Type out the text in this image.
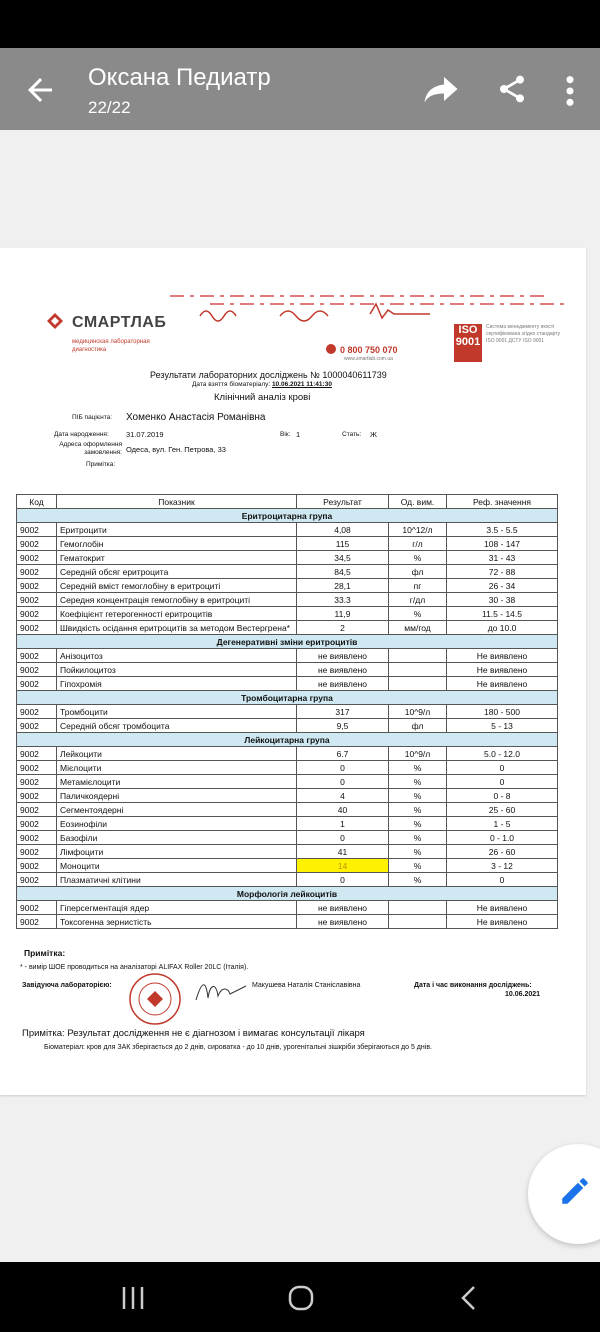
Оксана Педиатр
22/22
СМАРТЛАБ
медицинская лабораторная диагностика	0 800 750 070
www.smartlab.com.ua
ISO 9001
Система менеджменту якості сертифікована згідно стандарту ISO 9001 ДСТУ ISO 9001
Результати лабораторних досліджень № 1000040611739
Дата взяття біоматеріалу: 10.06.2021 11:41:30
Клінічний аналіз крові
ПІБ пацієнта: Хоменко Анастасія Романівна
Дата народження: 31.07.2019	Вік: 1	Стать: Ж
Адреса оформлення замовлення: Одеса, вул. Ген. Петрова, 33
Примітка:
Код	Показник	Результат	Од. вим.	Реф. значення
Еритроцитарна група				
9002	Еритроцити	4,08	10^12/л	3.5 - 5.5
9002	Гемоглобін	115	г/л	108 - 147
9002	Гематокрит	34,5	%	31 - 43
9002	Середній обсяг еритроцита	84,5	фл	72 - 88
9002	Середній вміст гемоглобіну в еритроциті	28,1	пг	26 - 34
9002	Середня концентрація гемоглобіну в еритроциті	33.3	г/дл	30 - 38
9002	Коефіцієнт гетерогенності еритроцитів	11,9	%	11.5 - 14.5
9002	Швидкість осідання еритроцитів за методом Вестергрена*	2	мм/год	до 10.0
Дегенеративні зміни еритроцитів				
9002	Анізоцитоз	не виявлено		Не виявлено
9002	Пойкилоцитоз	не виявлено		Не виявлено
9002	Гіпохромія	не виявлено		Не виявлено
Тромбоцитарна група				
9002	Тромбоцити	317	10^9/л	180 - 500
9002	Середній обсяг тромбоцита	9,5	фл	5 - 13
Лейкоцитарна група				
9002	Лейкоцити	6.7	10^9/л	5.0 - 12.0
9002	Мієлоцити	0	%	0
9002	Метамієлоцити	0	%	0
9002	Паличкоядерні	4	%	0 - 8
9002	Сегментоядерні	40	%	25 - 60
9002	Еозинофіли	1	%	1 - 5
9002	Базофіли	0	%	0 - 1.0
9002	Лімфоцити	41	%	26 - 60
9002	Моноцити	14	%	3 - 12
9002	Плазматичні клітини	0	%	0
Морфологія лейкоцитів				
9002	Гіперсегментація ядер	не виявлено		Не виявлено
9002	Токсогенна зернистість	не виявлено		Не виявлено
Примітка:
* - вимір ШОЕ проводиться на аналізаторі ALIFAX Roller 20LC (Італія).
Завідуюча лабораторією:	Макушева Наталія Станіславівна	Дата і час виконання досліджень:
10.06.2021
Примітка: Результат дослідження не є діагнозом і вимагає консультації лікаря
Біоматеріал: кров для ЗАК зберігається до 2 днів, сироватка - до 10 днів, урогенітальні зішкріби зберігаються до 5 днів.
